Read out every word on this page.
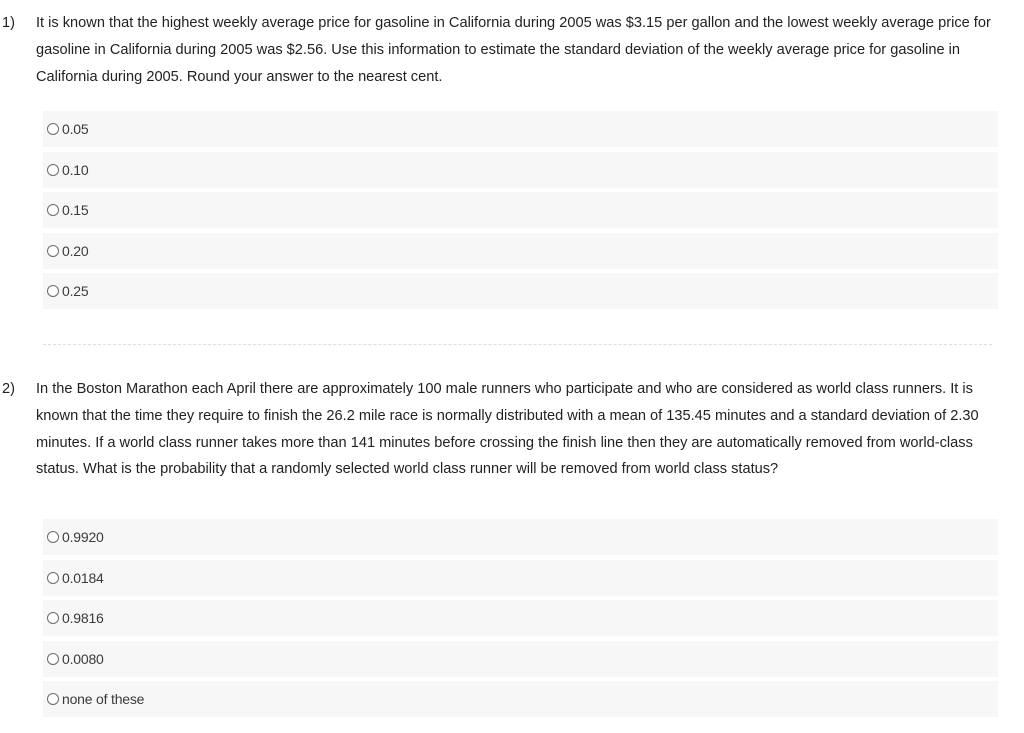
1) It is known that the highest weekly average price for gasoline in California during 2005 was $3.15 per gallon and the lowest weekly average price for gasoline in California during 2005 was $2.56. Use this information to estimate the standard deviation of the weekly average price for gasoline in California during 2005. Round your answer to the nearest cent.

0.05
0.10
0.15
0.20
0.25

2) In the Boston Marathon each April there are approximately 100 male runners who participate and who are considered as world class runners. It is known that the time they require to finish the 26.2 mile race is normally distributed with a mean of 135.45 minutes and a standard deviation of 2.30 minutes. If a world class runner takes more than 141 minutes before crossing the finish line then they are automatically removed from world-class status. What is the probability that a randomly selected world class runner will be removed from world class status?

0.9920
0.0184
0.9816
0.0080
none of these
